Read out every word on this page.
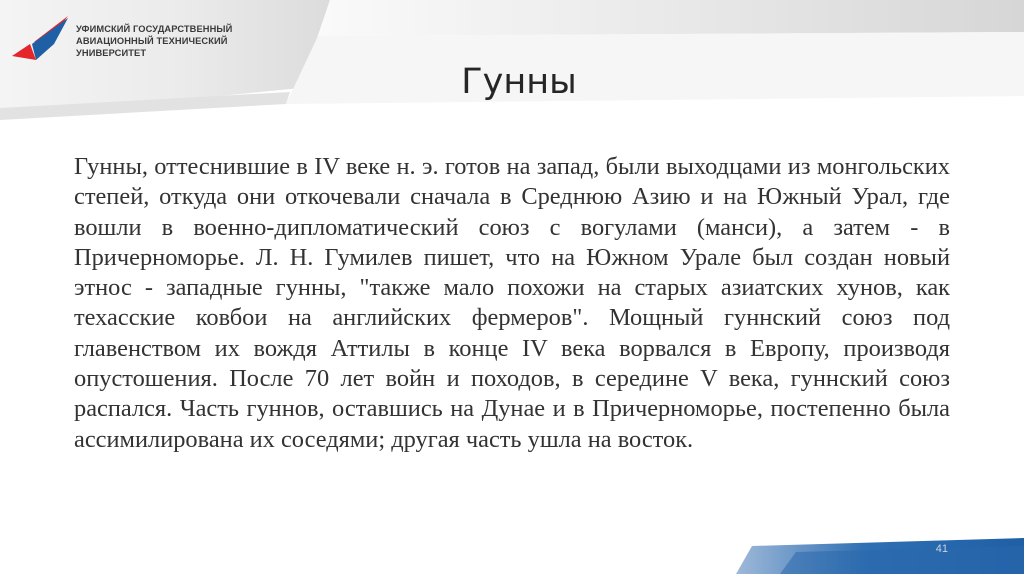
УФИМСКИЙ ГОСУДАРСТВЕННЫЙ
АВИАЦИОННЫЙ ТЕХНИЧЕСКИЙ
УНИВЕРСИТЕТ
Гунны
Гунны, оттеснившие в IV веке н. э. готов на запад, были выходцами из монгольских степей, откуда они откочевали сначала в Среднюю Азию и на Южный Урал, где вошли в военно-дипломатический союз с вогулами (манси), а затем - в Причерноморье. Л. Н. Гумилев пишет, что на Южном Урале был создан новый этнос - западные гунны, "также мало похожи на старых азиатских хунов, как техасские ковбои на английских фермеров". Мощный гуннский союз под главенством их вождя Аттилы в конце IV века ворвался в Европу, производя опустошения. После 70 лет войн и походов, в середине V века, гуннский союз распался. Часть гуннов, оставшись на Дунае и в Причерноморье, постепенно была ассимилирована их соседями; другая часть ушла на восток.
41
